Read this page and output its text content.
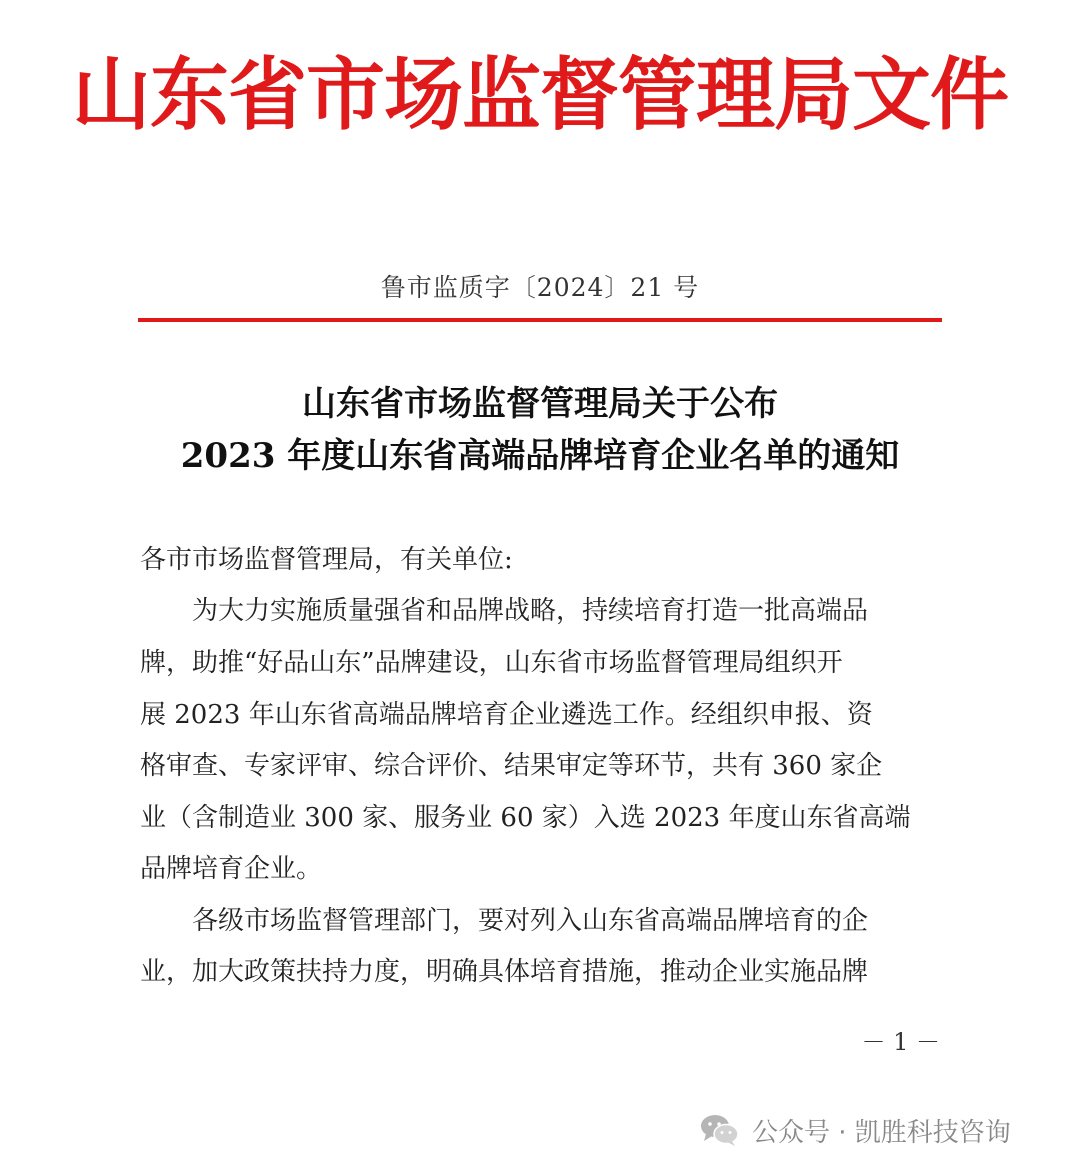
山东省市场监督管理局文件
鲁市监质字〔2024〕21 号
山东省市场监督管理局关于公布
2023 年度山东省高端品牌培育企业名单的通知
各市市场监督管理局，有关单位:
为大力实施质量强省和品牌战略，持续培育打造一批高端品
牌，助推“好品山东”品牌建设，山东省市场监督管理局组织开
展 2023 年山东省高端品牌培育企业遴选工作。经组织申报、资
格审查、专家评审、综合评价、结果审定等环节，共有 360 家企
业（含制造业 300 家、服务业 60 家）入选 2023 年度山东省高端
品牌培育企业。
各级市场监督管理部门，要对列入山东省高端品牌培育的企
业，加大政策扶持力度，明确具体培育措施，推动企业实施品牌
－ 1 －
公众号 · 凯胜科技咨询
